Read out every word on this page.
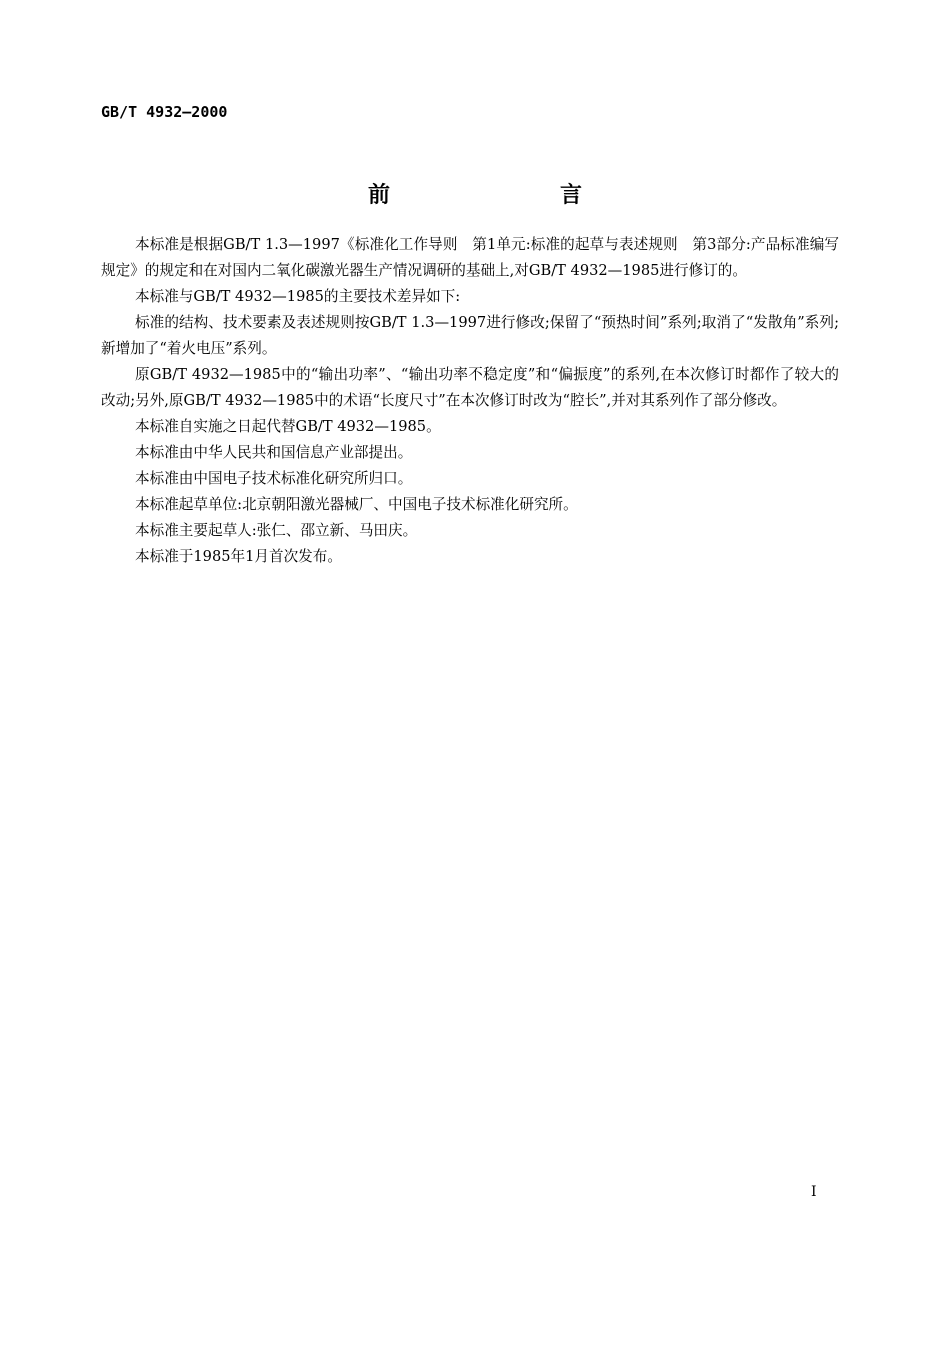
GB/T 4932—2000
前　言

本标准是根据GB/T 1.3—1997《标准化工作导则　第1单元:标准的起草与表述规则　第3部分:产品标准编写规定》的规定和在对国内二氧化碳激光器生产情况调研的基础上,对GB/T 4932—1985进行修订的。

本标准与GB/T 4932—1985的主要技术差异如下:

标准的结构、技术要素及表述规则按GB/T 1.3—1997进行修改;保留了“预热时间”系列;取消了“发散角”系列;新增加了“着火电压”系列。

原GB/T 4932—1985中的“输出功率”、“输出功率不稳定度”和“偏振度”的系列,在本次修订时都作了较大的改动;另外,原GB/T 4932—1985中的术语“长度尺寸”在本次修订时改为“腔长”,并对其系列作了部分修改。

本标准自实施之日起代替GB/T 4932—1985。

本标准由中华人民共和国信息产业部提出。

本标准由中国电子技术标准化研究所归口。

本标准起草单位:北京朝阳激光器械厂、中国电子技术标准化研究所。

本标准主要起草人:张仁、邵立新、马田庆。

本标准于1985年1月首次发布。

I
